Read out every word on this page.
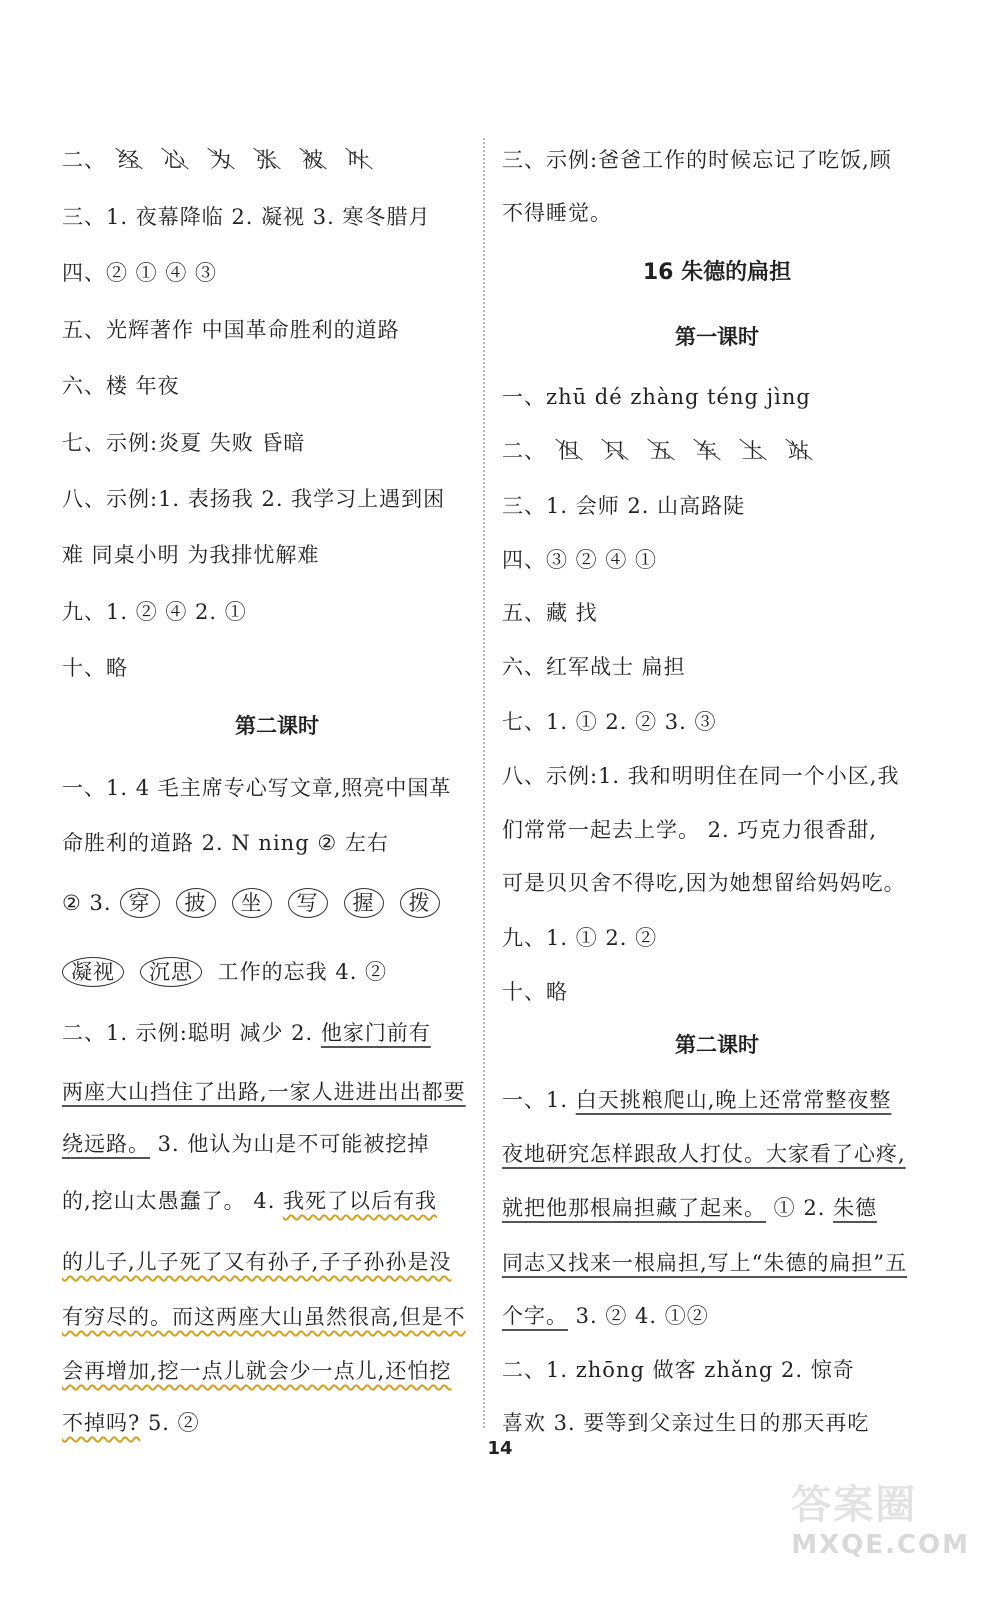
二、 经 心 为 张 被 叶
三、1. 夜幕降临 2. 凝视 3. 寒冬腊月
四、② ① ④ ③
五、光辉著作 中国革命胜利的道路
六、楼 年夜
七、示例:炎夏 失败 昏暗
八、示例:1. 表扬我 2. 我学习上遇到困
难 同桌小明 为我排忧解难
九、1. ② ④ 2. ①
十、略
第二课时
一、1. 4 毛主席专心写文章,照亮中国革
命胜利的道路 2. N ning ② 左右
② 3. 穿 披 坐 写 握 拨
凝视 沉思 工作的忘我 4. ②
二、1. 示例:聪明 减少 2. 他家门前有
两座大山挡住了出路,一家人进进出出都要
绕远路。 3. 他认为山是不可能被挖掉
的,挖山太愚蠢了。 4. 我死了以后有我
的儿子,儿子死了又有孙子,子子孙孙是没
有穷尽的。而这两座大山虽然很高,但是不
会再增加,挖一点儿就会少一点儿,还怕挖
不掉吗? 5. ②
三、示例:爸爸工作的时候忘记了吃饭,顾
不得睡觉。
16 朱德的扁担
第一课时
一、zhū dé zhàng téng jìng
二、 但 只 五 车 土 站
三、1. 会师 2. 山高路陡
四、③ ② ④ ①
五、藏 找
六、红军战士 扁担
七、1. ① 2. ② 3. ③
八、示例:1. 我和明明住在同一个小区,我
们常常一起去上学。 2. 巧克力很香甜,
可是贝贝舍不得吃,因为她想留给妈妈吃。
九、1. ① 2. ②
十、略
第二课时
一、1. 白天挑粮爬山,晚上还常常整夜整
夜地研究怎样跟敌人打仗。大家看了心疼,
就把他那根扁担藏了起来。 ① 2. 朱德
同志又找来一根扁担,写上“朱德的扁担”五
个字。 3. ② 4. ①②
二、1. zhōng 做客 zhǎng 2. 惊奇
喜欢 3. 要等到父亲过生日的那天再吃
14
答案圈
MXQE.COM
